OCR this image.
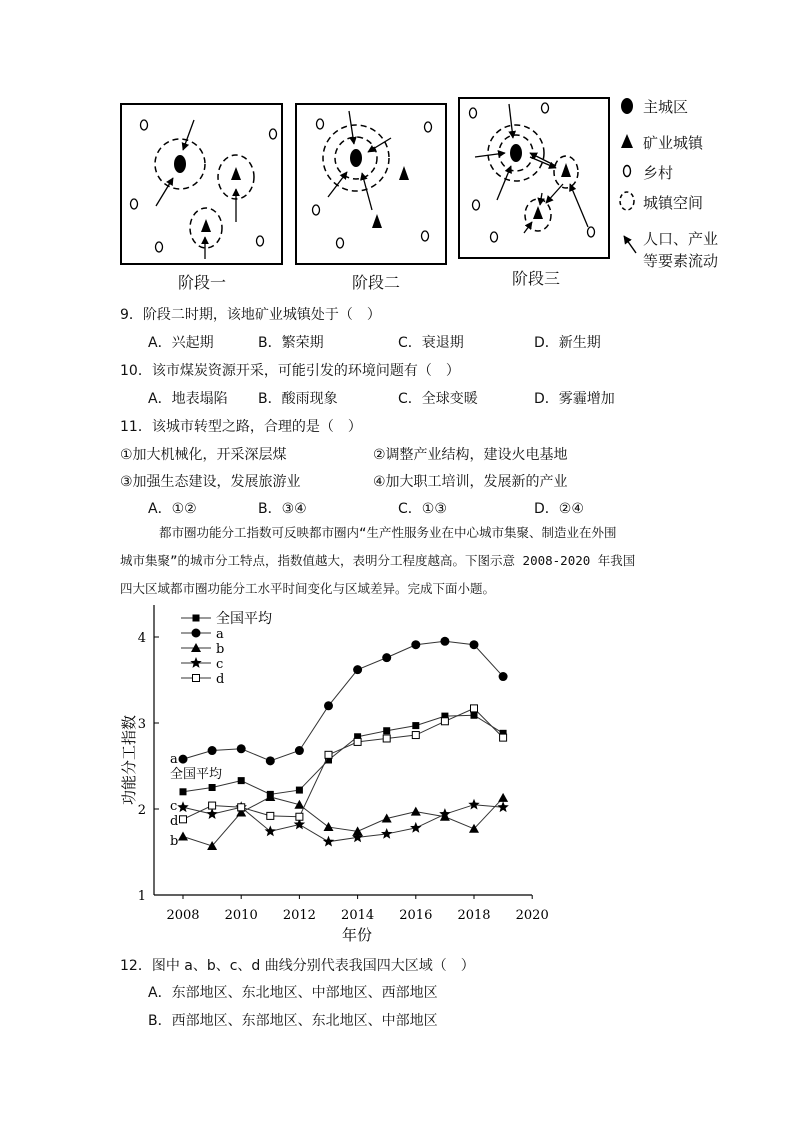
阶段一	阶段二	阶段三
主城区
矿业城镇
乡村
城镇空间
人口、产业
等要素流动
9．阶段二时期，该地矿业城镇处于（　）
A．兴起期	B．繁荣期	C．衰退期	D．新生期
10．该市煤炭资源开采，可能引发的环境问题有（　）
A．地表塌陷 B．酸雨现象	C．全球变暖	D．雾霾增加
11．该城市转型之路，合理的是（　）
①加大机械化，开采深层煤	②调整产业结构，建设火电基地
③加强生态建设，发展旅游业	④加大职工培训，发展新的产业
A．①②	B．③④	C．①③	D．②④
都市圈功能分工指数可反映都市圈内“生产性服务业在中心城市集聚、制造业在外围
城市集聚”的城市分工特点，指数值越大，表明分工程度越高。下图示意 2008-2020 年我国
四大区域都市圈功能分工水平时间变化与区域差异。完成下面小题。
2008 2010 2012 2014 2016 2018 2020
1
2
3
4
年份
功能分工指数
全国平均
a
b
c
d
a
全国平均
c
d
b
12．图中 a、b、c、d 曲线分别代表我国四大区域（　）
A．东部地区、东北地区、中部地区、西部地区
B．西部地区、东部地区、东北地区、中部地区
